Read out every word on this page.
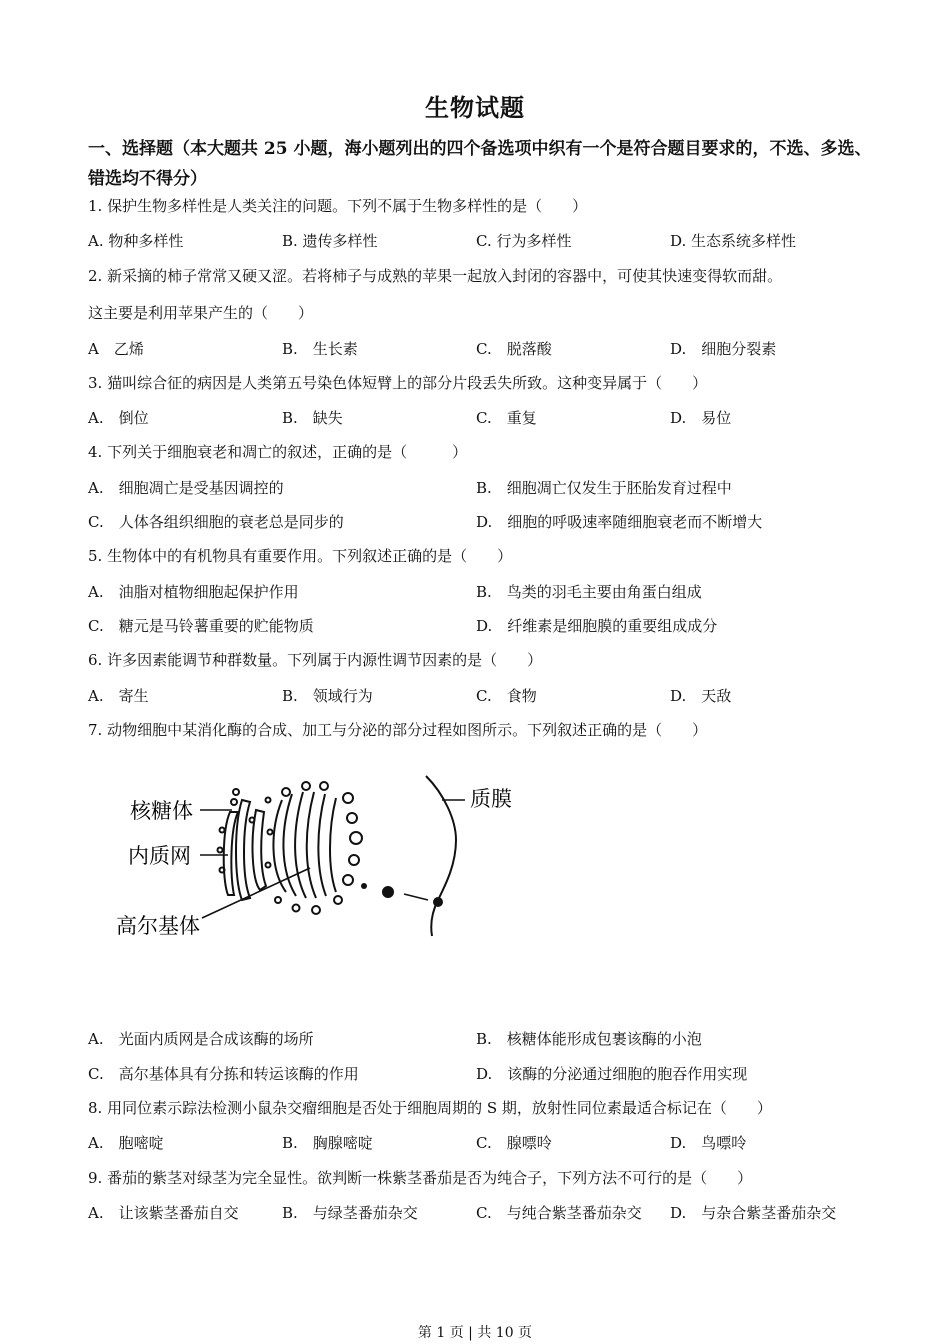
生物试题
一、选择题（本大题共 25 小题，海小题列出的四个备选项中织有一个是符合题目要求的，不选、多选、错选均不得分）
1. 保护生物多样性是人类关注的问题。下列不属于生物多样性的是（　　）
A. 物种多样性	B. 遗传多样性	C. 行为多样性	D. 生态系统多样性
2. 新采摘的柿子常常又硬又涩。若将柿子与成熟的苹果一起放入封闭的容器中，可使其快速变得软而甜。
这主要是利用苹果产生的（　　）
A　乙烯	B.　生长素	C.　脱落酸	D.　细胞分裂素
3. 猫叫综合征的病因是人类第五号染色体短臂上的部分片段丢失所致。这种变异属于（　　）
A.　倒位	B.　缺失	C.　重复	D.　易位
4. 下列关于细胞衰老和凋亡的叙述，正确的是（　　　）
A.　细胞凋亡是受基因调控的	B.　细胞凋亡仅发生于胚胎发育过程中
C.　人体各组织细胞的衰老总是同步的	D.　细胞的呼吸速率随细胞衰老而不断增大
5. 生物体中的有机物具有重要作用。下列叙述正确的是（　　）
A.　油脂对植物细胞起保护作用	B.　鸟类的羽毛主要由角蛋白组成
C.　糖元是马铃薯重要的贮能物质	D.　纤维素是细胞膜的重要组成成分
6. 许多因素能调节种群数量。下列属于内源性调节因素的是（　　）
A.　寄生	B.　领域行为	C.　食物	D.　天敌
7. 动物细胞中某消化酶的合成、加工与分泌的部分过程如图所示。下列叙述正确的是（　　）
核糖体
内质网
高尔基体
质膜
A.　光面内质网是合成该酶的场所	B.　核糖体能形成包裹该酶的小泡
C.　高尔基体具有分拣和转运该酶的作用	D.　该酶的分泌通过细胞的胞吞作用实现
8. 用同位素示踪法检测小鼠杂交瘤细胞是否处于细胞周期的 S 期，放射性同位素最适合标记在（　　）
A.　胞嘧啶	B.　胸腺嘧啶	C.　腺嘌呤	D.　鸟嘌呤
9. 番茄的紫茎对绿茎为完全显性。欲判断一株紫茎番茄是否为纯合子，下列方法不可行的是（　　）
A.　让该紫茎番茄自交	B.　与绿茎番茄杂交	C.　与纯合紫茎番茄杂交 D.　与杂合紫茎番茄杂交
第 1 页 | 共 10 页
